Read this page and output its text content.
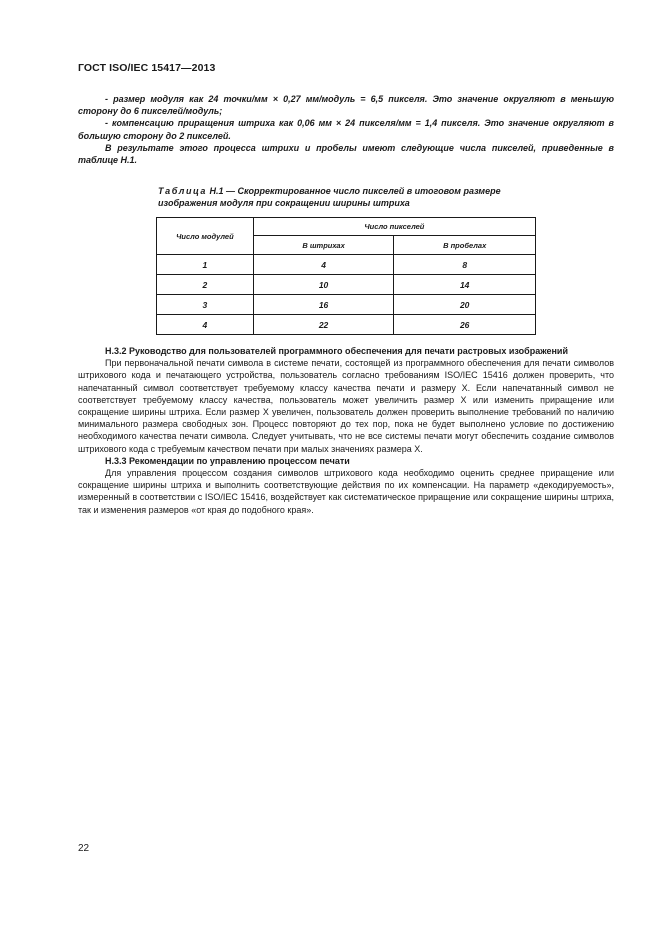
ГОСТ ISO/IEC 15417—2013

- размер модуля как 24 точки/мм × 0,27 мм/модуль = 6,5 пикселя. Это значение округляют в меньшую сторону до 6 пикселей/модуль;

- компенсацию приращения штриха как 0,06 мм × 24 пикселя/мм = 1,4 пикселя. Это значение округляют в большую сторону до 2 пикселей.

В результате этого процесса штрихи и пробелы имеют следующие числа пикселей, приведенные в таблице Н.1.

Таблица Н.1 — Скорректированное число пикселей в итоговом размере изображения модуля при сокращении ширины штриха
Число модулей	Число пикселей	
	В штрихах	В пробелах
1	4	8
2	10	14
3	16	20
4	22	26

Н.3.2 Руководство для пользователей программного обеспечения для печати растровых изображений

При первоначальной печати символа в системе печати, состоящей из программного обеспечения для печати символов штрихового кода и печатающего устройства, пользователь согласно требованиям ISO/IEC 15416 должен проверить, что напечатанный символ соответствует требуемому классу качества печати и размеру X. Если напечатанный символ не соответствует требуемому классу качества, пользователь может увеличить размер X или изменить приращение или сокращение ширины штриха. Если размер X увеличен, пользователь должен проверить выполнение требований по наличию минимального размера свободных зон. Процесс повторяют до тех пор, пока не будет выполнено условие по достижению необходимого качества печати символа. Следует учитывать, что не все системы печати могут обеспечить создание символов штрихового кода с требуемым качеством печати при малых значениях размера X.

Н.3.3 Рекомендации по управлению процессом печати

Для управления процессом создания символов штрихового кода необходимо оценить среднее приращение или сокращение ширины штриха и выполнить соответствующие действия по их компенсации. На параметр «декодируемость», измеренный в соответствии с ISO/IEC 15416, воздействует как систематическое приращение или сокращение ширины штриха, так и изменения размеров «от края до подобного края».

22
